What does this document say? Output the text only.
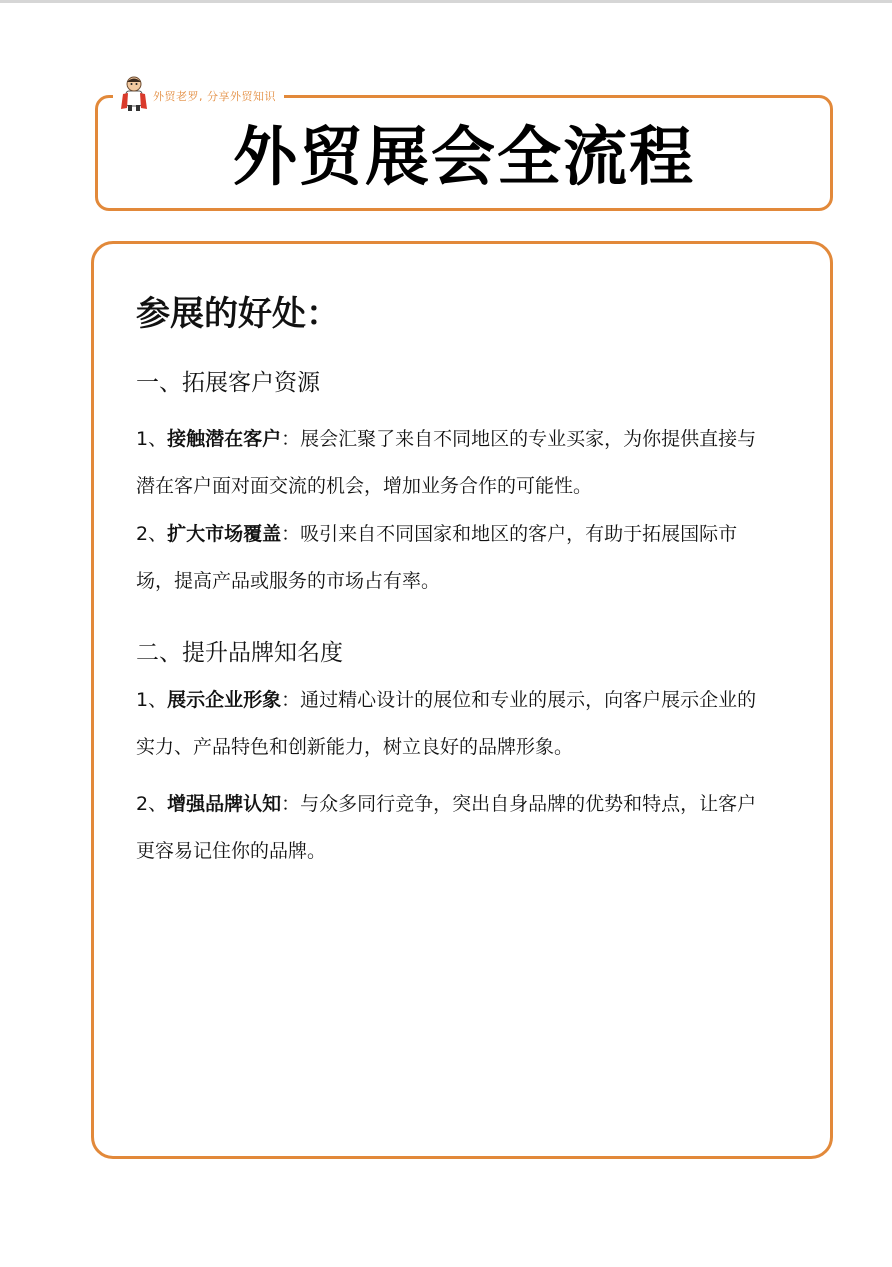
外贸老罗, 分享外贸知识
外贸展会全流程
参展的好处：
一、拓展客户资源

1、接触潜在客户：展会汇聚了来自不同地区的专业买家，为你提供直接与潜在客户面对面交流的机会，增加业务合作的可能性。

2、扩大市场覆盖：吸引来自不同国家和地区的客户，有助于拓展国际市场，提高产品或服务的市场占有率。

二、提升品牌知名度

1、展示企业形象：通过精心设计的展位和专业的展示，向客户展示企业的实力、产品特色和创新能力，树立良好的品牌形象。

2、增强品牌认知：与众多同行竞争，突出自身品牌的优势和特点，让客户更容易记住你的品牌。
